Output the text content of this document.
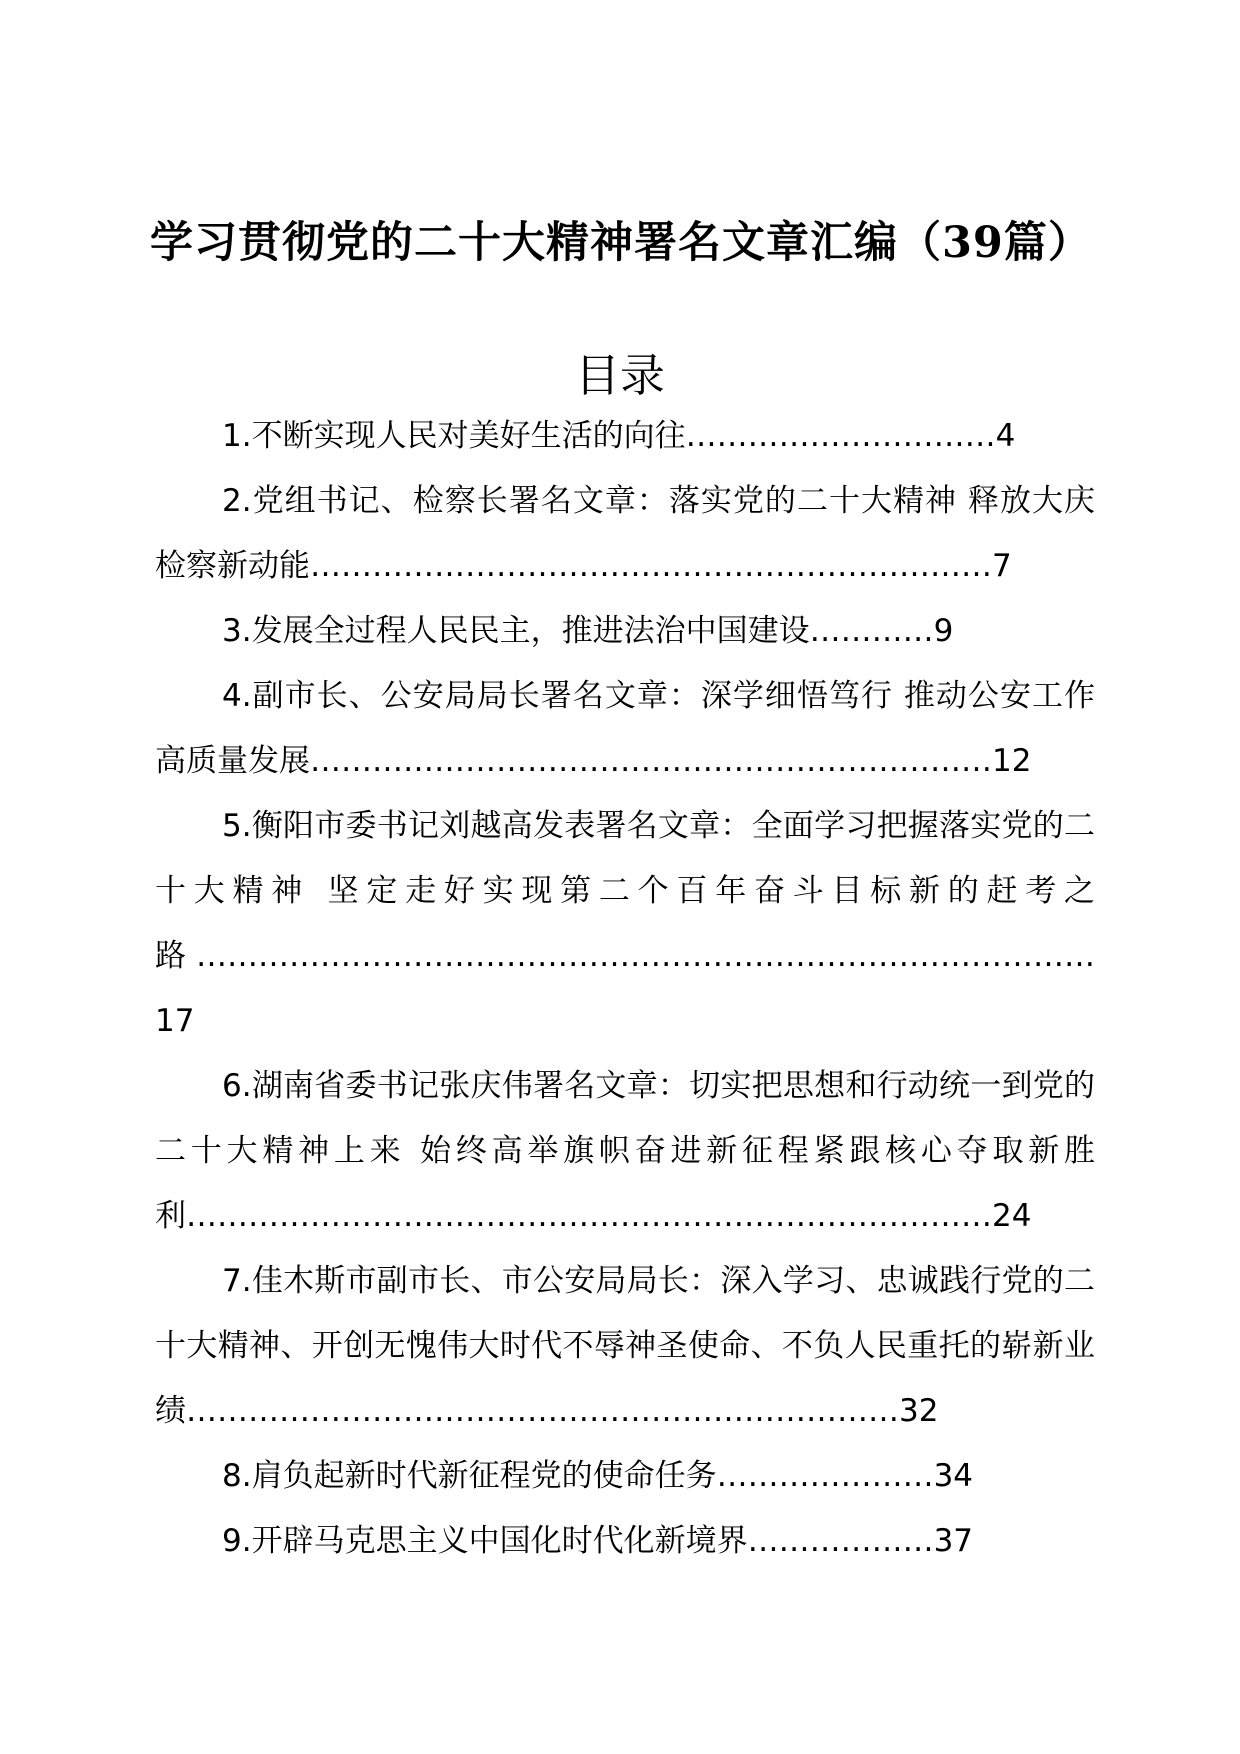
学习贯彻党的二十大精神署名文章汇编（39篇）
目录

1.不断实现人民对美好生活的向往…………………………4

2.党组书记、检察长署名文章：落实党的二十大精神 释放大庆检察新动能…………………………………………………………7

3.发展全过程人民民主，推进法治中国建设…………9

4.副市长、公安局局长署名文章：深学细悟笃行 推动公安工作高质量发展…………………………………………………………12

5.衡阳市委书记刘越高发表署名文章：全面学习把握落实党的二十大精神 坚定走好实现第二个百年奋斗目标新的赶考之路……………………………………………………………………………17

6.湖南省委书记张庆伟署名文章：切实把思想和行动统一到党的二十大精神上来 始终高举旗帜奋进新征程紧跟核心夺取新胜利……………………………………………………………………24

7.佳木斯市副市长、市公安局局长：深入学习、忠诚践行党的二十大精神、开创无愧伟大时代不辱神圣使命、不负人民重托的崭新业绩……………………………………………………………32

8.肩负起新时代新征程党的使命任务…………………34

9.开辟马克思主义中国化时代化新境界………………37
